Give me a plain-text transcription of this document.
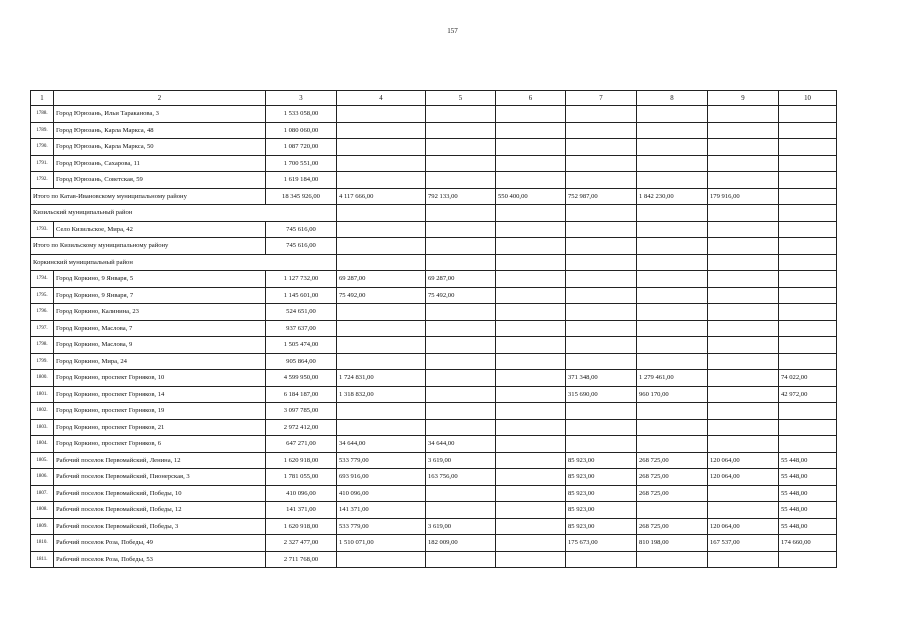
157
1	2	3	4	5	6	7	8	9	10
1788.	Город Юрюзань, Ильи Тараканова, 3	1 533 058,00							
1789.	Город Юрюзань, Карла Маркса, 48	1 080 060,00							
1790.	Город Юрюзань, Карла Маркса, 50	1 087 720,00							
1791.	Город Юрюзань, Сахарова, 11	1 700 551,00							
1792.	Город Юрюзань, Советская, 59	1 619 184,00							
Итого по Катав-Ивановскому муниципальному району		18 345 926,00	4 117 666,00	792 133,00	550 400,00	752 987,00	1 842 230,00	179 916,00	
Кизильский муниципальный район									
1793.	Село Кизильское, Мира, 42	745 616,00							
Итого по Кизильскому муниципальному району		745 616,00							
Коркинский муниципальный район									
1794.	Город Коркино, 9 Января, 5	1 127 732,00	69 287,00	69 287,00					
1795.	Город Коркино, 9 Января, 7	1 145 601,00	75 492,00	75 492,00					
1796.	Город Коркино, Калинина, 23	524 651,00							
1797.	Город Коркино, Маслова, 7	937 637,00							
1798.	Город Коркино, Маслова, 9	1 505 474,00							
1799.	Город Коркино, Мира, 24	905 864,00							
1800.	Город Коркино, проспект Горняков, 10	4 599 950,00	1 724 831,00			371 348,00	1 279 461,00		74 022,00
1801.	Город Коркино, проспект Горняков, 14	6 184 187,00	1 318 832,00			315 690,00	960 170,00		42 972,00
1802.	Город Коркино, проспект Горняков, 19	3 097 785,00							
1803.	Город Коркино, проспект Горняков, 21	2 972 412,00							
1804.	Город Коркино, проспект Горняков, 6	647 271,00	34 644,00	34 644,00					
1805.	Рабочий поселок Первомайский, Ленина, 12	1 620 918,00	533 779,00	3 619,00		85 923,00	268 725,00	120 064,00	55 448,00
1806.	Рабочий поселок Первомайский, Пионерская, 3	1 781 055,00	693 916,00	163 756,00		85 923,00	268 725,00	120 064,00	55 448,00
1807.	Рабочий поселок Первомайский, Победы, 10	410 096,00	410 096,00			85 923,00	268 725,00		55 448,00
1808.	Рабочий поселок Первомайский, Победы, 12	141 371,00	141 371,00			85 923,00			55 448,00
1809.	Рабочий поселок Первомайский, Победы, 3	1 620 918,00	533 779,00	3 619,00		85 923,00	268 725,00	120 064,00	55 448,00
1810.	Рабочий поселок Роза, Победы, 49	2 327 477,00	1 510 071,00	182 009,00		175 673,00	810 198,00	167 537,00	174 660,00
1811.	Рабочий поселок Роза, Победы, 53	2 711 768,00							
